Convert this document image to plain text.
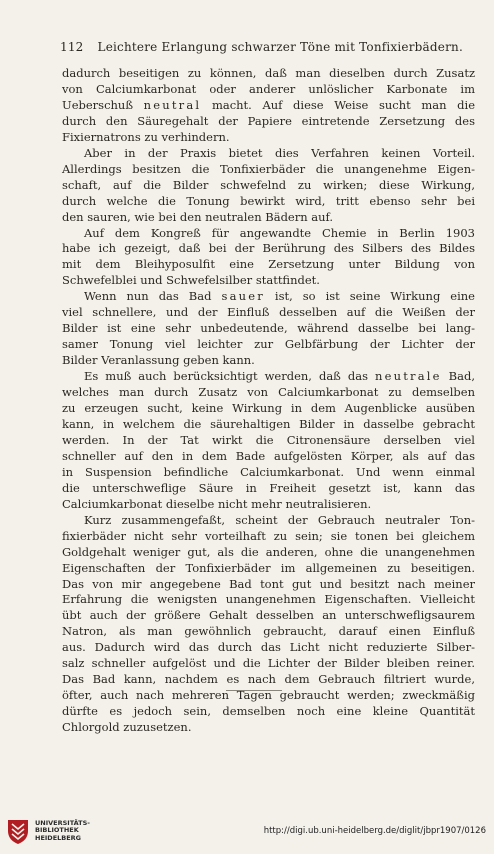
112 Leichtere Erlangung schwarzer Töne mit Tonfixierbädern.
dadurch beseitigen zu können, daß man dieselben durch Zusatz
von Calciumkarbonat oder anderer unlöslicher Karbonate im
Ueberschuß neutral macht. Auf diese Weise sucht man die
durch den Säuregehalt der Papiere eintretende Zersetzung des
Fixiernatrons zu verhindern.
Aber in der Praxis bietet dies Verfahren keinen Vorteil.
Allerdings besitzen die Tonfixierbäder die unangenehme Eigen-
schaft, auf die Bilder schwefelnd zu wirken; diese Wirkung,
durch welche die Tonung bewirkt wird, tritt ebenso sehr bei
den sauren, wie bei den neutralen Bädern auf.
Auf dem Kongreß für angewandte Chemie in Berlin 1903
habe ich gezeigt, daß bei der Berührung des Silbers des Bildes
mit dem Bleihyposulfit eine Zersetzung unter Bildung von
Schwefelblei und Schwefelsilber stattfindet.
Wenn nun das Bad sauer ist, so ist seine Wirkung eine
viel schnellere, und der Einfluß desselben auf die Weißen der
Bilder ist eine sehr unbedeutende, während dasselbe bei lang-
samer Tonung viel leichter zur Gelbfärbung der Lichter der
Bilder Veranlassung geben kann.
Es muß auch berücksichtigt werden, daß das neutrale Bad,
welches man durch Zusatz von Calciumkarbonat zu demselben
zu erzeugen sucht, keine Wirkung in dem Augenblicke ausüben
kann, in welchem die säurehaltigen Bilder in dasselbe gebracht
werden. In der Tat wirkt die Citronensäure derselben viel
schneller auf den in dem Bade aufgelösten Körper, als auf das
in Suspension befindliche Calciumkarbonat. Und wenn einmal
die unterschweflige Säure in Freiheit gesetzt ist, kann das
Calciumkarbonat dieselbe nicht mehr neutralisieren.
Kurz zusammengefaßt, scheint der Gebrauch neutraler Ton-
fixierbäder nicht sehr vorteilhaft zu sein; sie tonen bei gleichem
Goldgehalt weniger gut, als die anderen, ohne die unangenehmen
Eigenschaften der Tonfixierbäder im allgemeinen zu beseitigen.
Das von mir angegebene Bad tont gut und besitzt nach meiner
Erfahrung die wenigsten unangenehmen Eigenschaften. Vielleicht
übt auch der größere Gehalt desselben an unterschwefligsaurem
Natron, als man gewöhnlich gebraucht, darauf einen Einfluß
aus. Dadurch wird das durch das Licht nicht reduzierte Silber-
salz schneller aufgelöst und die Lichter der Bilder bleiben reiner.
Das Bad kann, nachdem es nach dem Gebrauch filtriert wurde,
öfter, auch nach mehreren Tagen gebraucht werden; zweckmäßig
dürfte es jedoch sein, demselben noch eine kleine Quantität
Chlorgold zuzusetzen.
UNIVERSITÄTS-
BIBLIOTHEK
HEIDELBERG
http://digi.ub.uni-heidelberg.de/diglit/jbpr1907/0126
